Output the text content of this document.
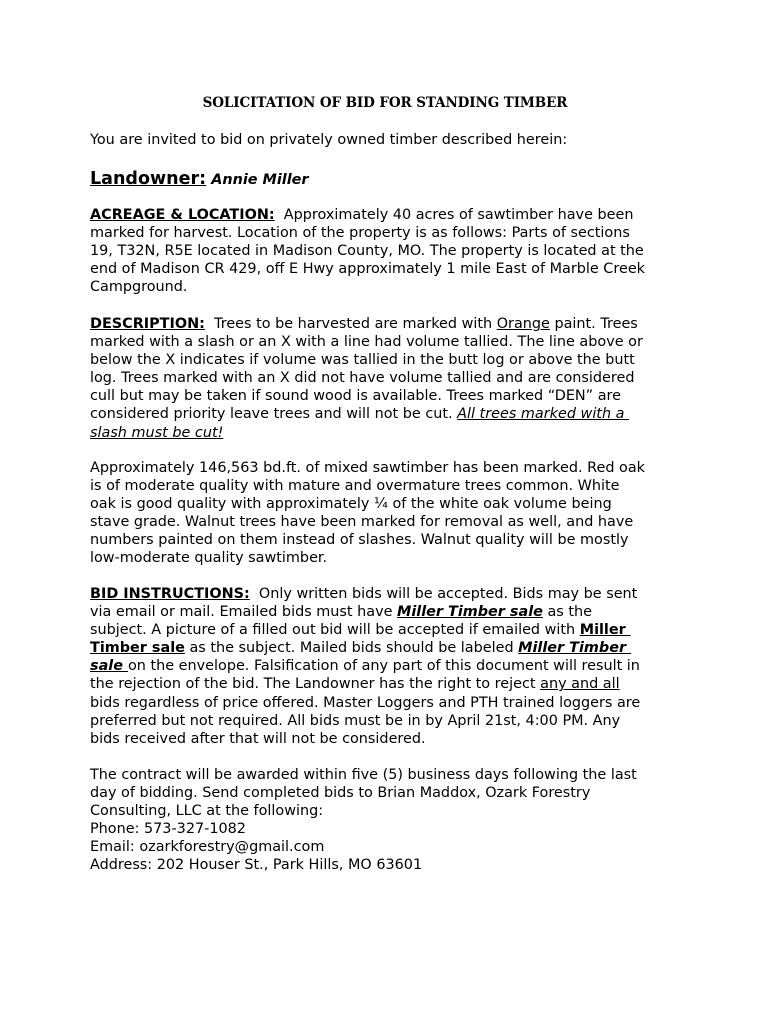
SOLICITATION OF BID FOR STANDING TIMBER
You are invited to bid on privately owned timber described herein:
Landowner: Annie Miller
ACREAGE & LOCATION: Approximately 40 acres of sawtimber have been
marked for harvest. Location of the property is as follows: Parts of sections
19, T32N, R5E located in Madison County, MO. The property is located at the
end of Madison CR 429, off E Hwy approximately 1 mile East of Marble Creek
Campground.
DESCRIPTION: Trees to be harvested are marked with Orange paint. Trees
marked with a slash or an X with a line had volume tallied. The line above or
below the X indicates if volume was tallied in the butt log or above the butt
log. Trees marked with an X did not have volume tallied and are considered
cull but may be taken if sound wood is available. Trees marked “DEN” are
considered priority leave trees and will not be cut. All trees marked with a
slash must be cut!
Approximately 146,563 bd.ft. of mixed sawtimber has been marked. Red oak
is of moderate quality with mature and overmature trees common. White
oak is good quality with approximately ¼ of the white oak volume being
stave grade. Walnut trees have been marked for removal as well, and have
numbers painted on them instead of slashes. Walnut quality will be mostly
low-moderate quality sawtimber.
BID INSTRUCTIONS: Only written bids will be accepted. Bids may be sent
via email or mail. Emailed bids must have Miller Timber sale as the
subject. A picture of a filled out bid will be accepted if emailed with Miller
Timber sale as the subject. Mailed bids should be labeled Miller Timber
sale on the envelope. Falsification of any part of this document will result in
the rejection of the bid. The Landowner has the right to reject any and all
bids regardless of price offered. Master Loggers and PTH trained loggers are
preferred but not required. All bids must be in by April 21st, 4:00 PM. Any
bids received after that will not be considered.
The contract will be awarded within five (5) business days following the last
day of bidding. Send completed bids to Brian Maddox, Ozark Forestry
Consulting, LLC at the following:
Phone: 573-327-1082
Email: ozarkforestry@gmail.com
Address: 202 Houser St., Park Hills, MO 63601
